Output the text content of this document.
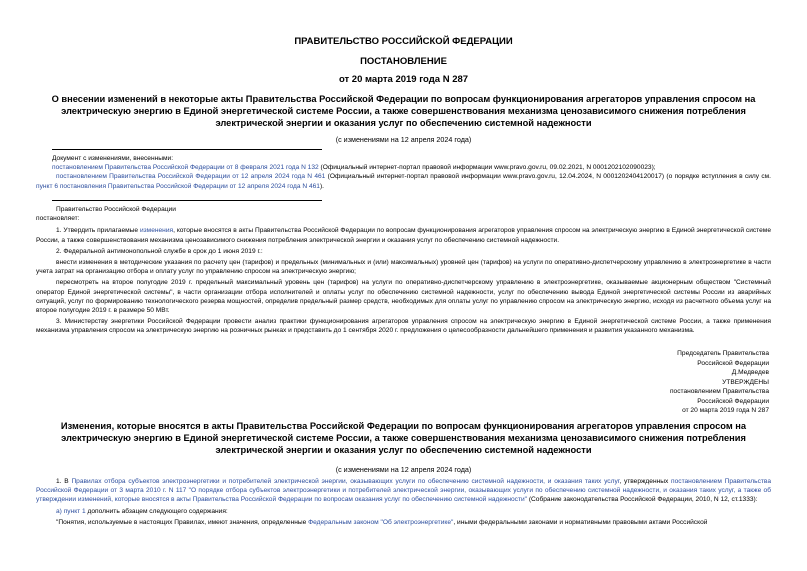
ПРАВИТЕЛЬСТВО РОССИЙСКОЙ ФЕДЕРАЦИИ
ПОСТАНОВЛЕНИЕ
от 20 марта 2019 года N 287
О внесении изменений в некоторые акты Правительства Российской Федерации по вопросам функционирования агрегаторов управления спросом на электрическую энергию в Единой энергетической системе России, а также совершенствования механизма ценозависимого снижения потребления электрической энергии и оказания услуг по обеспечению системной надежности
(с изменениями на 12 апреля 2024 года)
Документ с изменениями, внесенными:
постановлением Правительства Российской Федерации от 8 февраля 2021 года N 132 (Официальный интернет-портал правовой информации www.pravo.gov.ru, 09.02.2021, N 0001202102090023);
постановлением Правительства Российской Федерации от 12 апреля 2024 года N 461 (Официальный интернет-портал правовой информации www.pravo.gov.ru, 12.04.2024, N 0001202404120017) (о порядке вступления в силу см. пункт 6 постановления Правительства Российской Федерации от 12 апреля 2024 года N 461).
Правительство Российской Федерации
постановляет:
1. Утвердить прилагаемые изменения, которые вносятся в акты Правительства Российской Федерации по вопросам функционирования агрегаторов управления спросом на электрическую энергию в Единой энергетической системе России, а также совершенствования механизма ценозависимого снижения потребления электрической энергии и оказания услуг по обеспечению системной надежности.
2. Федеральной антимонопольной службе в срок до 1 июня 2019 г.:
внести изменения в методические указания по расчету цен (тарифов) и предельных (минимальных и (или) максимальных) уровней цен (тарифов) на услуги по оперативно-диспетчерскому управлению в электроэнергетике в части учета затрат на организацию отбора и оплату услуг по управлению спросом на электрическую энергию;
пересмотреть на второе полугодие 2019 г. предельный максимальный уровень цен (тарифов) на услуги по оперативно-диспетчерскому управлению в электроэнергетике, оказываемые акционерным обществом "Системный оператор Единой энергетической системы", в части организации отбора исполнителей и оплаты услуг по обеспечению системной надежности, услуг по обеспечению вывода Единой энергетической системы России из аварийных ситуаций, услуг по формированию технологического резерва мощностей, определив предельный размер средств, необходимых для оплаты услуг по управлению спросом на электрическую энергию, исходя из расчетного объема услуг на второе полугодие 2019 г. в размере 50 МВт.
3. Министерству энергетики Российской Федерации провести анализ практики функционирования агрегаторов управления спросом на электрическую энергию в Единой энергетической системе России, а также применения механизма управления спросом на электрическую энергию на розничных рынках и представить до 1 сентября 2020 г. предложения о целесообразности дальнейшего применения и развития указанного механизма.
Председатель Правительства
Российской Федерации
Д.Медведев
УТВЕРЖДЕНЫ
постановлением Правительства
Российской Федерации
от 20 марта 2019 года N 287
Изменения, которые вносятся в акты Правительства Российской Федерации по вопросам функционирования агрегаторов управления спросом на электрическую энергию в Единой энергетической системе России, а также совершенствования механизма ценозависимого снижения потребления электрической энергии и оказания услуг по обеспечению системной надежности
(с изменениями на 12 апреля 2024 года)
1. В Правилах отбора субъектов электроэнергетики и потребителей электрической энергии, оказывающих услуги по обеспечению системной надежности, и оказания таких услуг, утвержденных постановлением Правительства Российской Федерации от 3 марта 2010 г. N 117 "О порядке отбора субъектов электроэнергетики и потребителей электрической энергии, оказывающих услуги по обеспечению системной надежности, и оказания таких услуг, а также об утверждении изменений, которые вносятся в акты Правительства Российской Федерации по вопросам оказания услуг по обеспечению системной надежности" (Собрание законодательства Российской Федерации, 2010, N 12, ст.1333):
а) пункт 1 дополнить абзацем следующего содержания:
"Понятия, используемые в настоящих Правилах, имеют значения, определенные Федеральным законом "Об электроэнергетике", иными федеральными законами и нормативными правовыми актами Российской
